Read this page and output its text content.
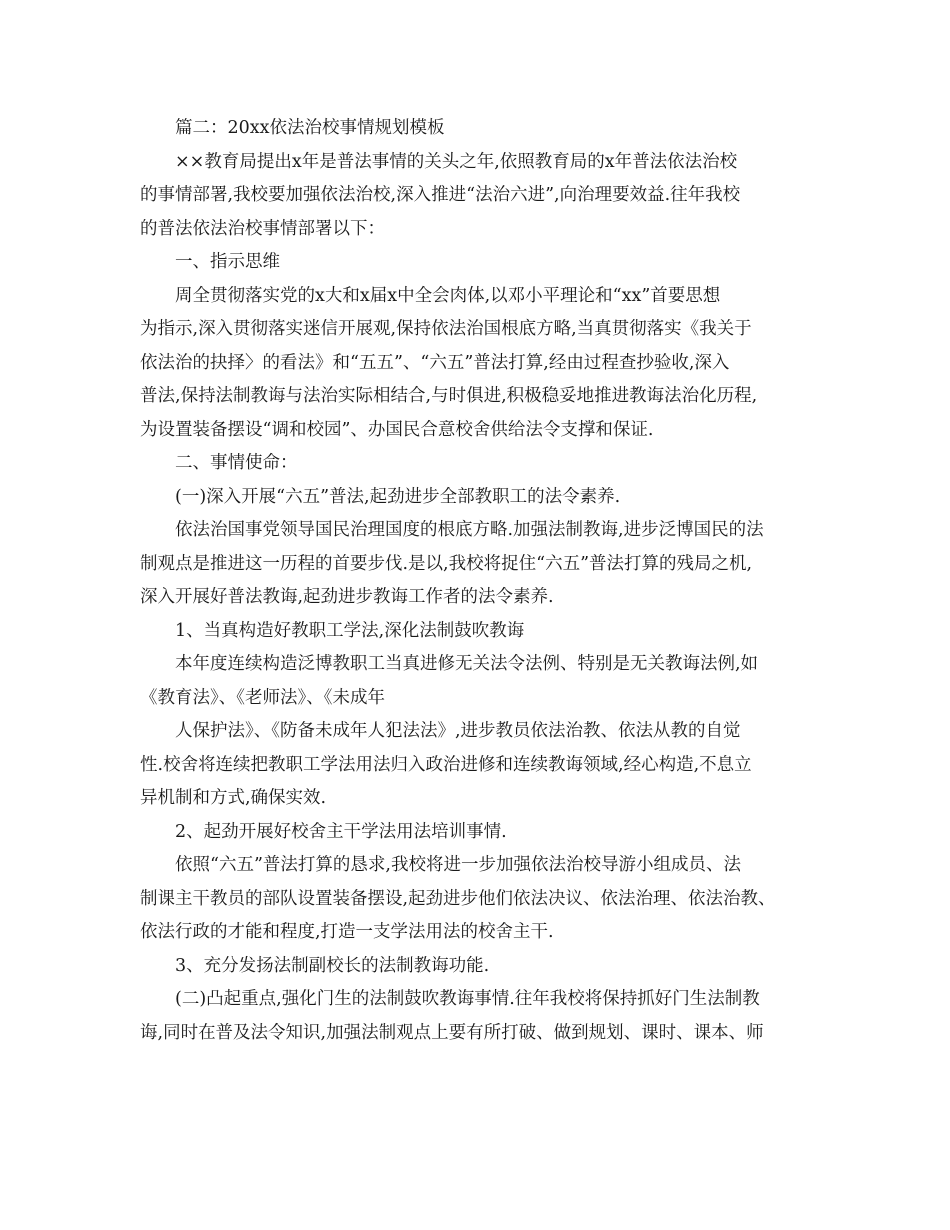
篇二：20xx依法治校事情规划模板
××教育局提出x年是普法事情的关头之年,依照教育局的x年普法依法治校
的事情部署,我校要加强依法治校,深入推进“法治六进”,向治理要效益.往年我校
的普法依法治校事情部署以下：
一、指示思维
周全贯彻落实党的x大和x届x中全会肉体,以邓小平理论和“xx”首要思想
为指示,深入贯彻落实迷信开展观,保持依法治国根底方略,当真贯彻落实《我关于
依法治的抉择〉的看法》和“五五”、“六五”普法打算,经由过程查抄验收,深入
普法,保持法制教诲与法治实际相结合,与时俱进,积极稳妥地推进教诲法治化历程,
为设置装备摆设“调和校园”、办国民合意校舍供给法令支撑和保证.
二、事情使命：
(一)深入开展“六五”普法,起劲进步全部教职工的法令素养.
依法治国事党领导国民治理国度的根底方略.加强法制教诲,进步泛博国民的法
制观点是推进这一历程的首要步伐.是以,我校将捉住“六五”普法打算的残局之机,
深入开展好普法教诲,起劲进步教诲工作者的法令素养.
1、当真构造好教职工学法,深化法制鼓吹教诲
本年度连续构造泛博教职工当真进修无关法令法例、特别是无关教诲法例,如
《教育法》、《老师法》、《未成年
人保护法》、《防备未成年人犯法法》,进步教员依法治教、依法从教的自觉
性.校舍将连续把教职工学法用法归入政治进修和连续教诲领域,经心构造,不息立
异机制和方式,确保实效.
2、起劲开展好校舍主干学法用法培训事情.
依照“六五”普法打算的恳求,我校将进一步加强依法治校导游小组成员、法
制课主干教员的部队设置装备摆设,起劲进步他们依法决议、依法治理、依法治教、
依法行政的才能和程度,打造一支学法用法的校舍主干.
3、充分发扬法制副校长的法制教诲功能.
(二)凸起重点,强化门生的法制鼓吹教诲事情.往年我校将保持抓好门生法制教
诲,同时在普及法令知识,加强法制观点上要有所打破、做到规划、课时、课本、师
